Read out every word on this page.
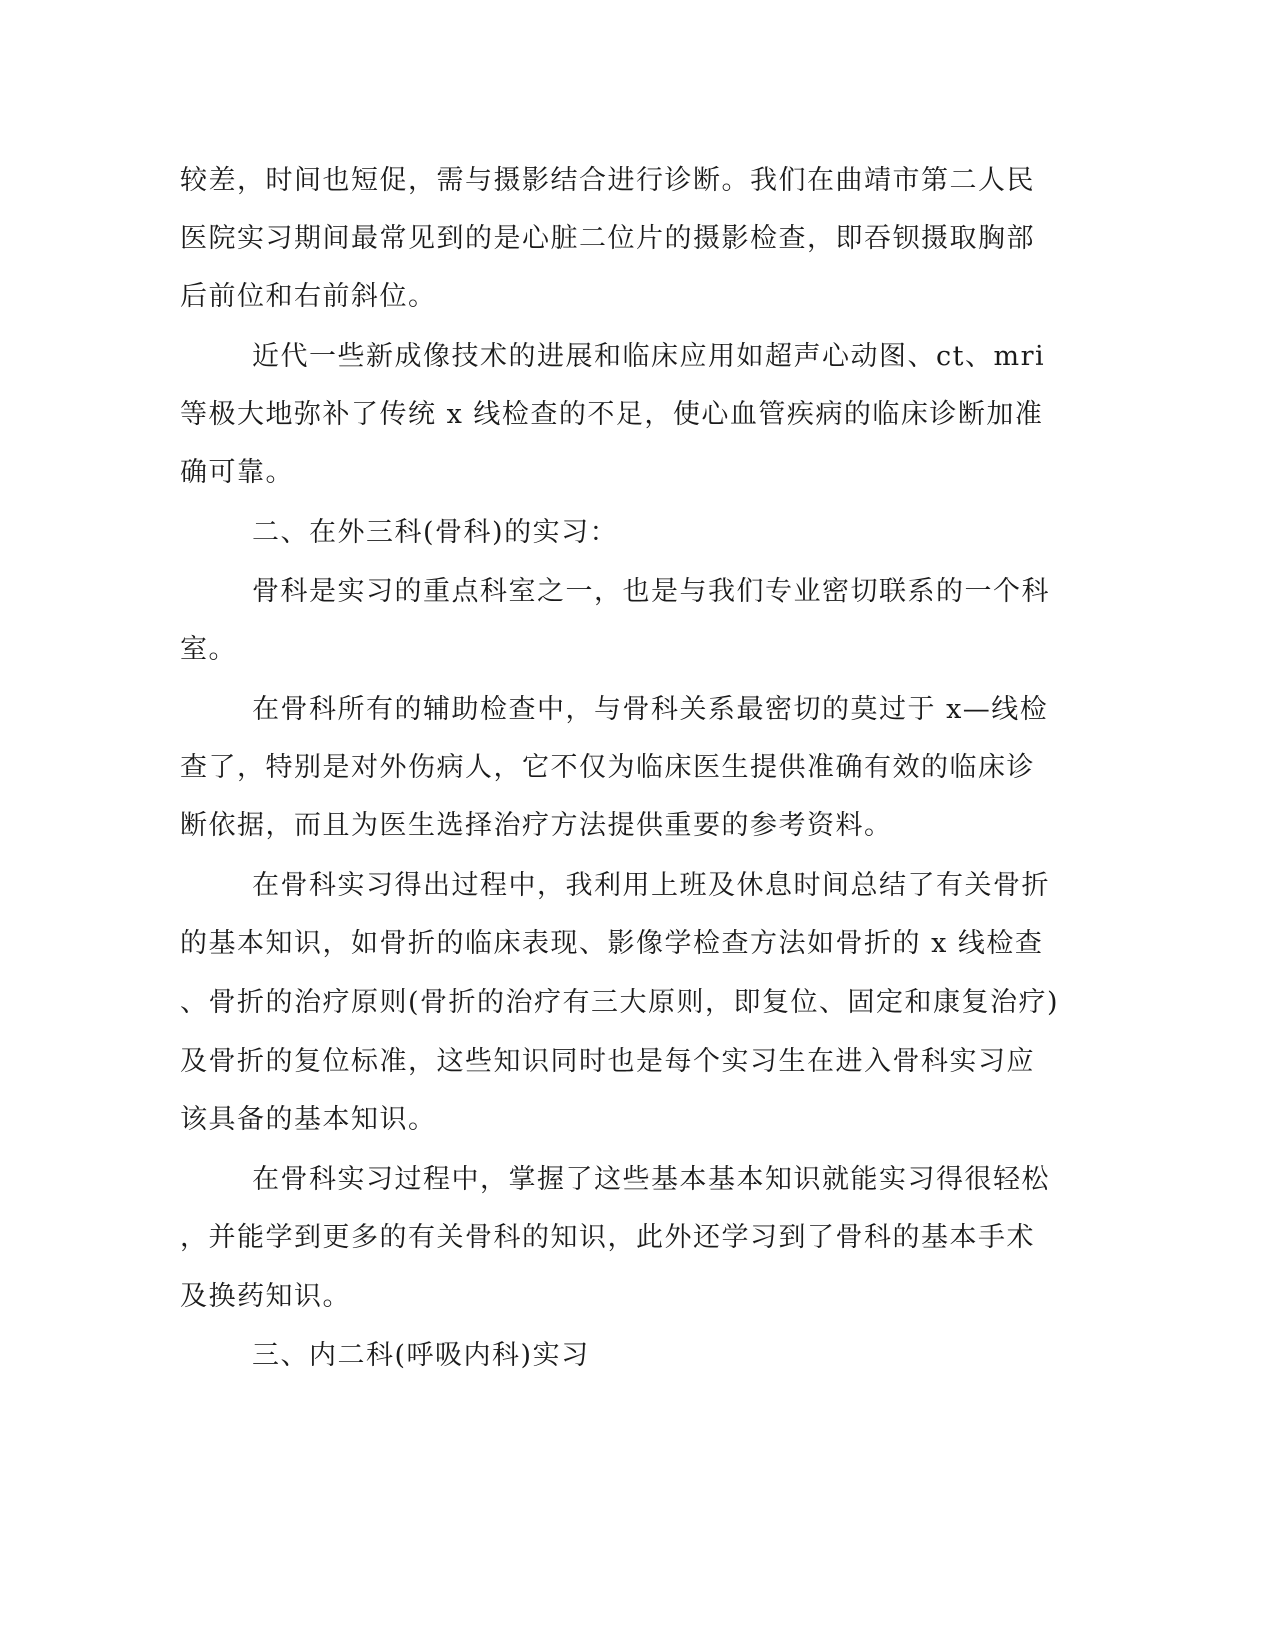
较差，时间也短促，需与摄影结合进行诊断。我们在曲靖市第二人民
医院实习期间最常见到的是心脏二位片的摄影检查，即吞钡摄取胸部
后前位和右前斜位。
近代一些新成像技术的进展和临床应用如超声心动图、ct、mri
等极大地弥补了传统 x 线检查的不足，使心血管疾病的临床诊断加准
确可靠。
二、在外三科(骨科)的实习：
骨科是实习的重点科室之一，也是与我们专业密切联系的一个科
室。
在骨科所有的辅助检查中，与骨科关系最密切的莫过于 x—线检
查了，特别是对外伤病人，它不仅为临床医生提供准确有效的临床诊
断依据，而且为医生选择治疗方法提供重要的参考资料。
在骨科实习得出过程中，我利用上班及休息时间总结了有关骨折
的基本知识，如骨折的临床表现、影像学检查方法如骨折的 x 线检查
、骨折的治疗原则(骨折的治疗有三大原则，即复位、固定和康复治疗)
及骨折的复位标准，这些知识同时也是每个实习生在进入骨科实习应
该具备的基本知识。
在骨科实习过程中，掌握了这些基本基本知识就能实习得很轻松
，并能学到更多的有关骨科的知识，此外还学习到了骨科的基本手术
及换药知识。
三、内二科(呼吸内科)实习
